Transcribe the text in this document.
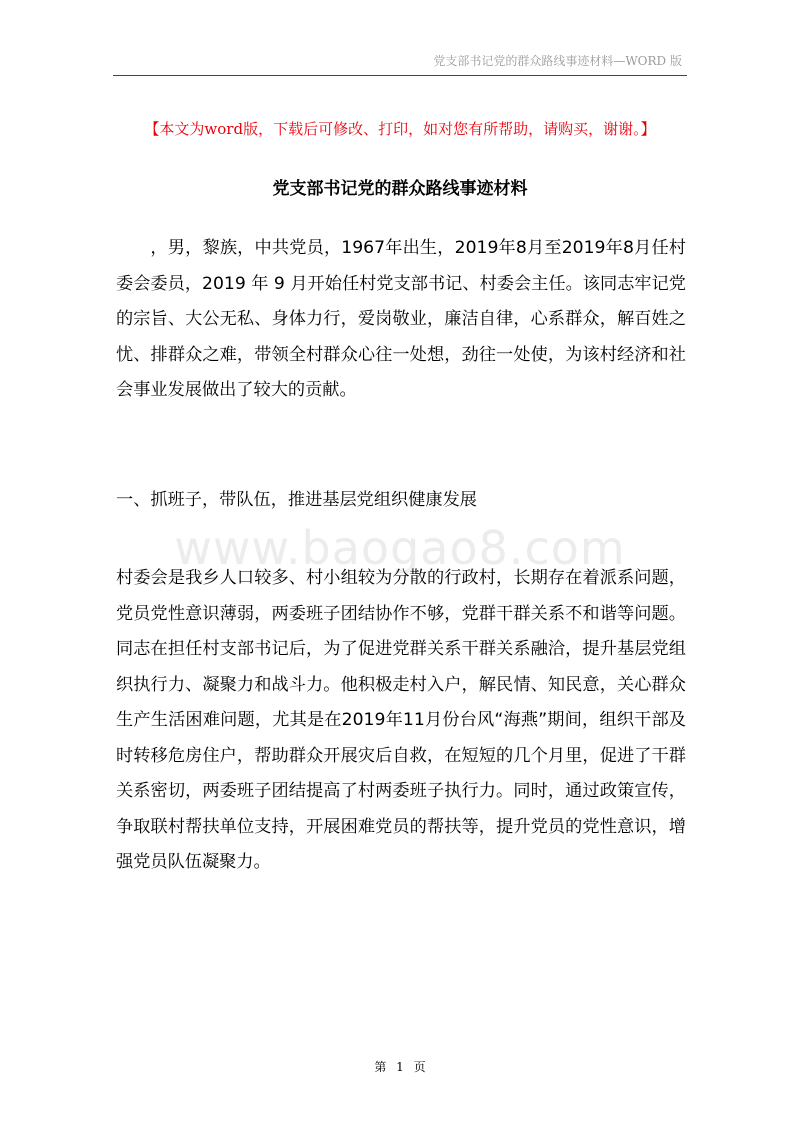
党支部书记党的群众路线事迹材料—WORD 版
【本文为word版，下载后可修改、打印，如对您有所帮助，请购买，谢谢。】
党支部书记党的群众路线事迹材料

，男，黎族，中共党员，1967年出生，2019年8月至2019年8月任村委会委员，2019 年 9 月开始任村党支部书记、村委会主任。该同志牢记党的宗旨、大公无私、身体力行，爱岗敬业，廉洁自律，心系群众，解百姓之忧、排群众之难，带领全村群众心往一处想，劲往一处使，为该村经济和社会事业发展做出了较大的贡献。

一、抓班子，带队伍，推进基层党组织健康发展

www.baogao8.com

村委会是我乡人口较多、村小组较为分散的行政村，长期存在着派系问题，党员党性意识薄弱，两委班子团结协作不够，党群干群关系不和谐等问题。同志在担任村支部书记后，为了促进党群关系干群关系融洽，提升基层党组织执行力、凝聚力和战斗力。他积极走村入户，解民情、知民意，关心群众生产生活困难问题，尤其是在2019年11月份台风“海燕”期间，组织干部及时转移危房住户，帮助群众开展灾后自救，在短短的几个月里，促进了干群关系密切，两委班子团结提高了村两委班子执行力。同时，通过政策宣传，争取联村帮扶单位支持，开展困难党员的帮扶等，提升党员的党性意识，增强党员队伍凝聚力。

第 1 页
